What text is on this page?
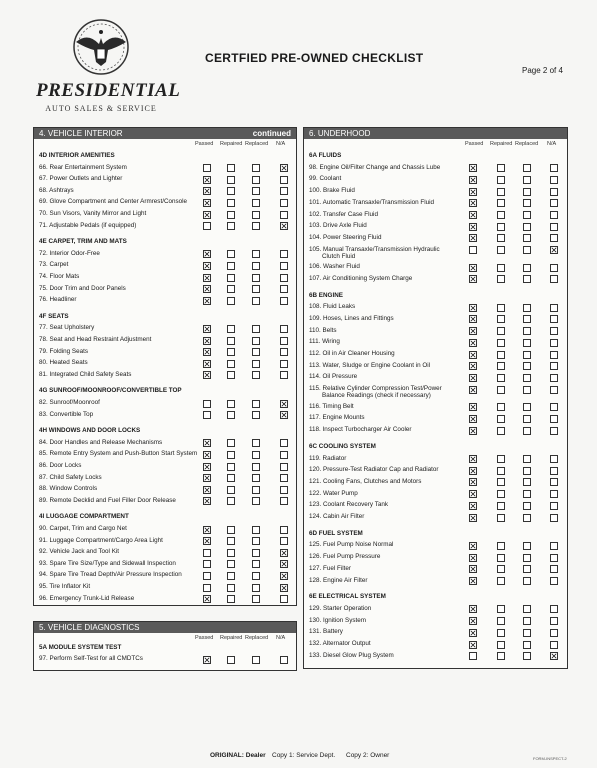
PRESIDENTIAL
AUTO SALES & SERVICE
CERTFIED PRE-OWNED CHECKLIST
Page 2 of 4
4. VEHICLE INTERIOR	continued
Passed Repaired Replaced N/A
4D INTERIOR AMENITIES
66. Rear Entertainment System
67. Power Outlets and Lighter
68. Ashtrays
69. Glove Compartment and Center Armrest/Console
70. Sun Visors, Vanity Mirror and Light
71. Adjustable Pedals (if equipped)
4E CARPET, TRIM AND MATS
72. Interior Odor-Free
73. Carpet
74. Floor Mats
75. Door Trim and Door Panels
76. Headliner
4F SEATS
77. Seat Upholstery
78. Seat and Head Restraint Adjustment
79. Folding Seats
80. Heated Seats
81. Integrated Child Safety Seats
4G SUNROOF/MOONROOF/CONVERTIBLE TOP
82. Sunroof/Moonroof
83. Convertible Top
4H WINDOWS AND DOOR LOCKS
84. Door Handles and Release Mechanisms
85. Remote Entry System and Push-Button Start System
86. Door Locks
87. Child Safety Locks
88. Window Controls
89. Remote Decklid and Fuel Filler Door Release
4I LUGGAGE COMPARTMENT
90. Carpet, Trim and Cargo Net
91. Luggage Compartment/Cargo Area Light
92. Vehicle Jack and Tool Kit
93. Spare Tire Size/Type and Sidewall Inspection
94. Spare Tire Tread Depth/Air Pressure Inspection
95. Tire Inflator Kit
96. Emergency Trunk-Lid Release
5. VEHICLE DIAGNOSTICS
Passed Repaired Replaced N/A
5A MODULE SYSTEM TEST
97. Perform Self-Test for all CMDTCs
6. UNDERHOOD
Passed Repaired Replaced N/A
6A FLUIDS
98. Engine Oil/Filter Change and Chassis Lube
99. Coolant
100. Brake Fluid
101. Automatic Transaxle/Transmission Fluid
102. Transfer Case Fluid
103. Drive Axle Fluid
104. Power Steering Fluid
105. Manual Transaxle/Transmission Hydraulic
Clutch Fluid
106. Washer Fluid
107. Air Conditioning System Charge
6B ENGINE
108. Fluid Leaks
109. Hoses, Lines and Fittings
110. Belts
111. Wiring
112. Oil in Air Cleaner Housing
113. Water, Sludge or Engine Coolant in Oil
114. Oil Pressure
115. Relative Cylinder Compression Test/Power
Balance Readings (check if necessary)
116. Timing Belt
117. Engine Mounts
118. Inspect Turbocharger Air Cooler
6C COOLING SYSTEM
119. Radiator
120. Pressure-Test Radiator Cap and Radiator
121. Cooling Fans, Clutches and Motors
122. Water Pump
123. Coolant Recovery Tank
124. Cabin Air Filter
6D FUEL SYSTEM
125. Fuel Pump Noise Normal
126. Fuel Pump Pressure
127. Fuel Filter
128. Engine Air Filter
6E ELECTRICAL SYSTEM
129. Starter Operation
130. Ignition System
131. Battery
132. Alternator Output
133. Diesel Glow Plug System
ORIGINAL: Dealer Copy 1: Service Dept. Copy 2: Owner	FORM-INSPECT-2
